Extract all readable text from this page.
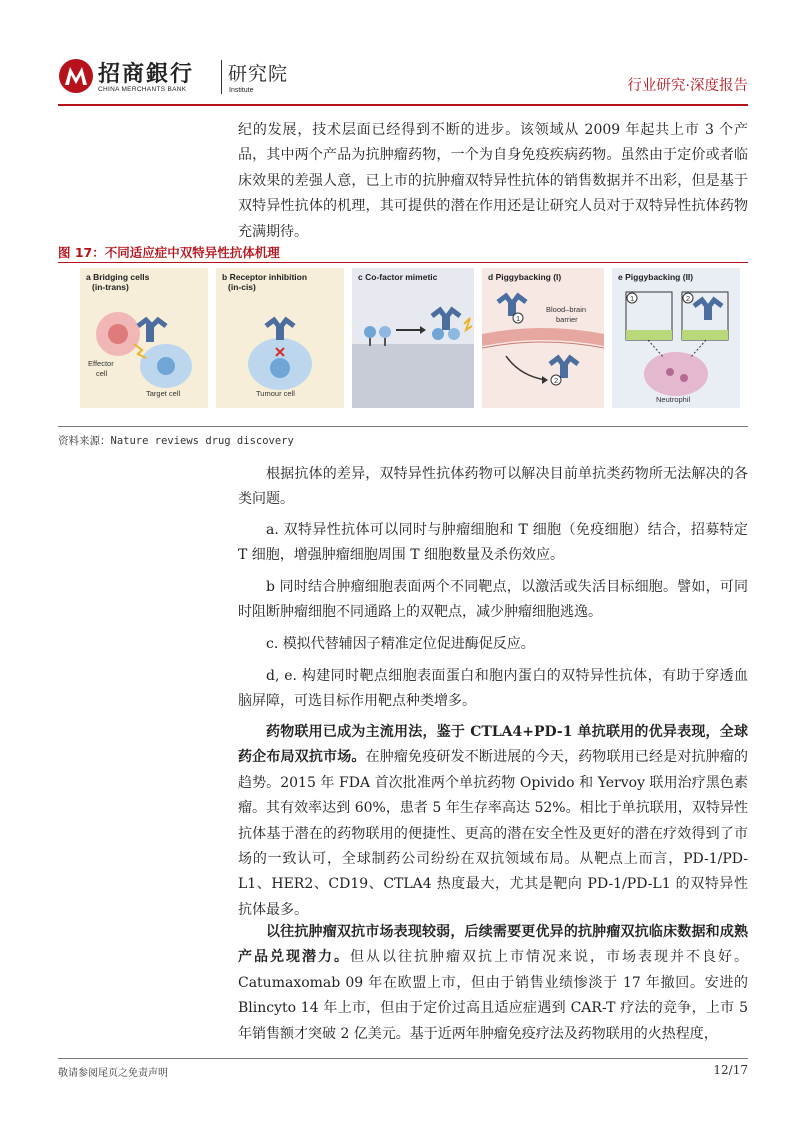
招商銀行
CHINA MERCHANTS BANK
研究院
Institute	行业研究·深度报告

纪的发展，技术层面已经得到不断的进步。该领域从 2009 年起共上市 3 个产品，其中两个产品为抗肿瘤药物，一个为自身免疫疾病药物。虽然由于定价或者临床效果的差强人意，已上市的抗肿瘤双特异性抗体的销售数据并不出彩，但是基于双特异性抗体的机理，其可提供的潜在作用还是让研究人员对于双特异性抗体药物充满期待。

图 17：不同适应症中双特异性抗体机理
a Bridging cells
(in-trans)
Effector
cell
Target cell
b Receptor inhibition
(in-cis)
Tumour cell
c Co-factor mimetic	d Piggybacking (I)
1
Blood–brain
barrier
2
e Piggybacking (II)
1	2
Neutrophil
资料来源：Nature reviews drug discovery

根据抗体的差异，双特异性抗体药物可以解决目前单抗类药物所无法解决的各类问题。

a. 双特异性抗体可以同时与肿瘤细胞和 T 细胞（免疫细胞）结合，招募特定 T 细胞，增强肿瘤细胞周围 T 细胞数量及杀伤效应。

b 同时结合肿瘤细胞表面两个不同靶点，以激活或失活目标细胞。譬如，可同时阻断肿瘤细胞不同通路上的双靶点，减少肿瘤细胞逃逸。

c. 模拟代替辅因子精准定位促进酶促反应。

d, e. 构建同时靶点细胞表面蛋白和胞内蛋白的双特异性抗体，有助于穿透血脑屏障，可选目标作用靶点种类增多。

药物联用已成为主流用法，鉴于 CTLA4+PD-1 单抗联用的优异表现，全球药企布局双抗市场。在肿瘤免疫研发不断进展的今天，药物联用已经是对抗肿瘤的趋势。2015 年 FDA 首次批准两个单抗药物 Opivido 和 Yervoy 联用治疗黑色素瘤。其有效率达到 60%，患者 5 年生存率高达 52%。相比于单抗联用，双特异性抗体基于潜在的药物联用的便捷性、更高的潜在安全性及更好的潜在疗效得到了市场的一致认可，全球制药公司纷纷在双抗领域布局。从靶点上而言，PD-1/PD-L1、HER2、CD19、CTLA4 热度最大，尤其是靶向 PD-1/PD-L1 的双特异性抗体最多。

以往抗肿瘤双抗市场表现较弱，后续需要更优异的抗肿瘤双抗临床数据和成熟产品兑现潜力。但从以往抗肿瘤双抗上市情况来说，市场表现并不良好。Catumaxomab 09 年在欧盟上市，但由于销售业绩惨淡于 17 年撤回。安进的 Blincyto 14 年上市，但由于定价过高且适应症遇到 CAR-T 疗法的竞争，上市 5 年销售额才突破 2 亿美元。基于近两年肿瘤免疫疗法及药物联用的火热程度，

敬请参阅尾页之免责声明	12/17
